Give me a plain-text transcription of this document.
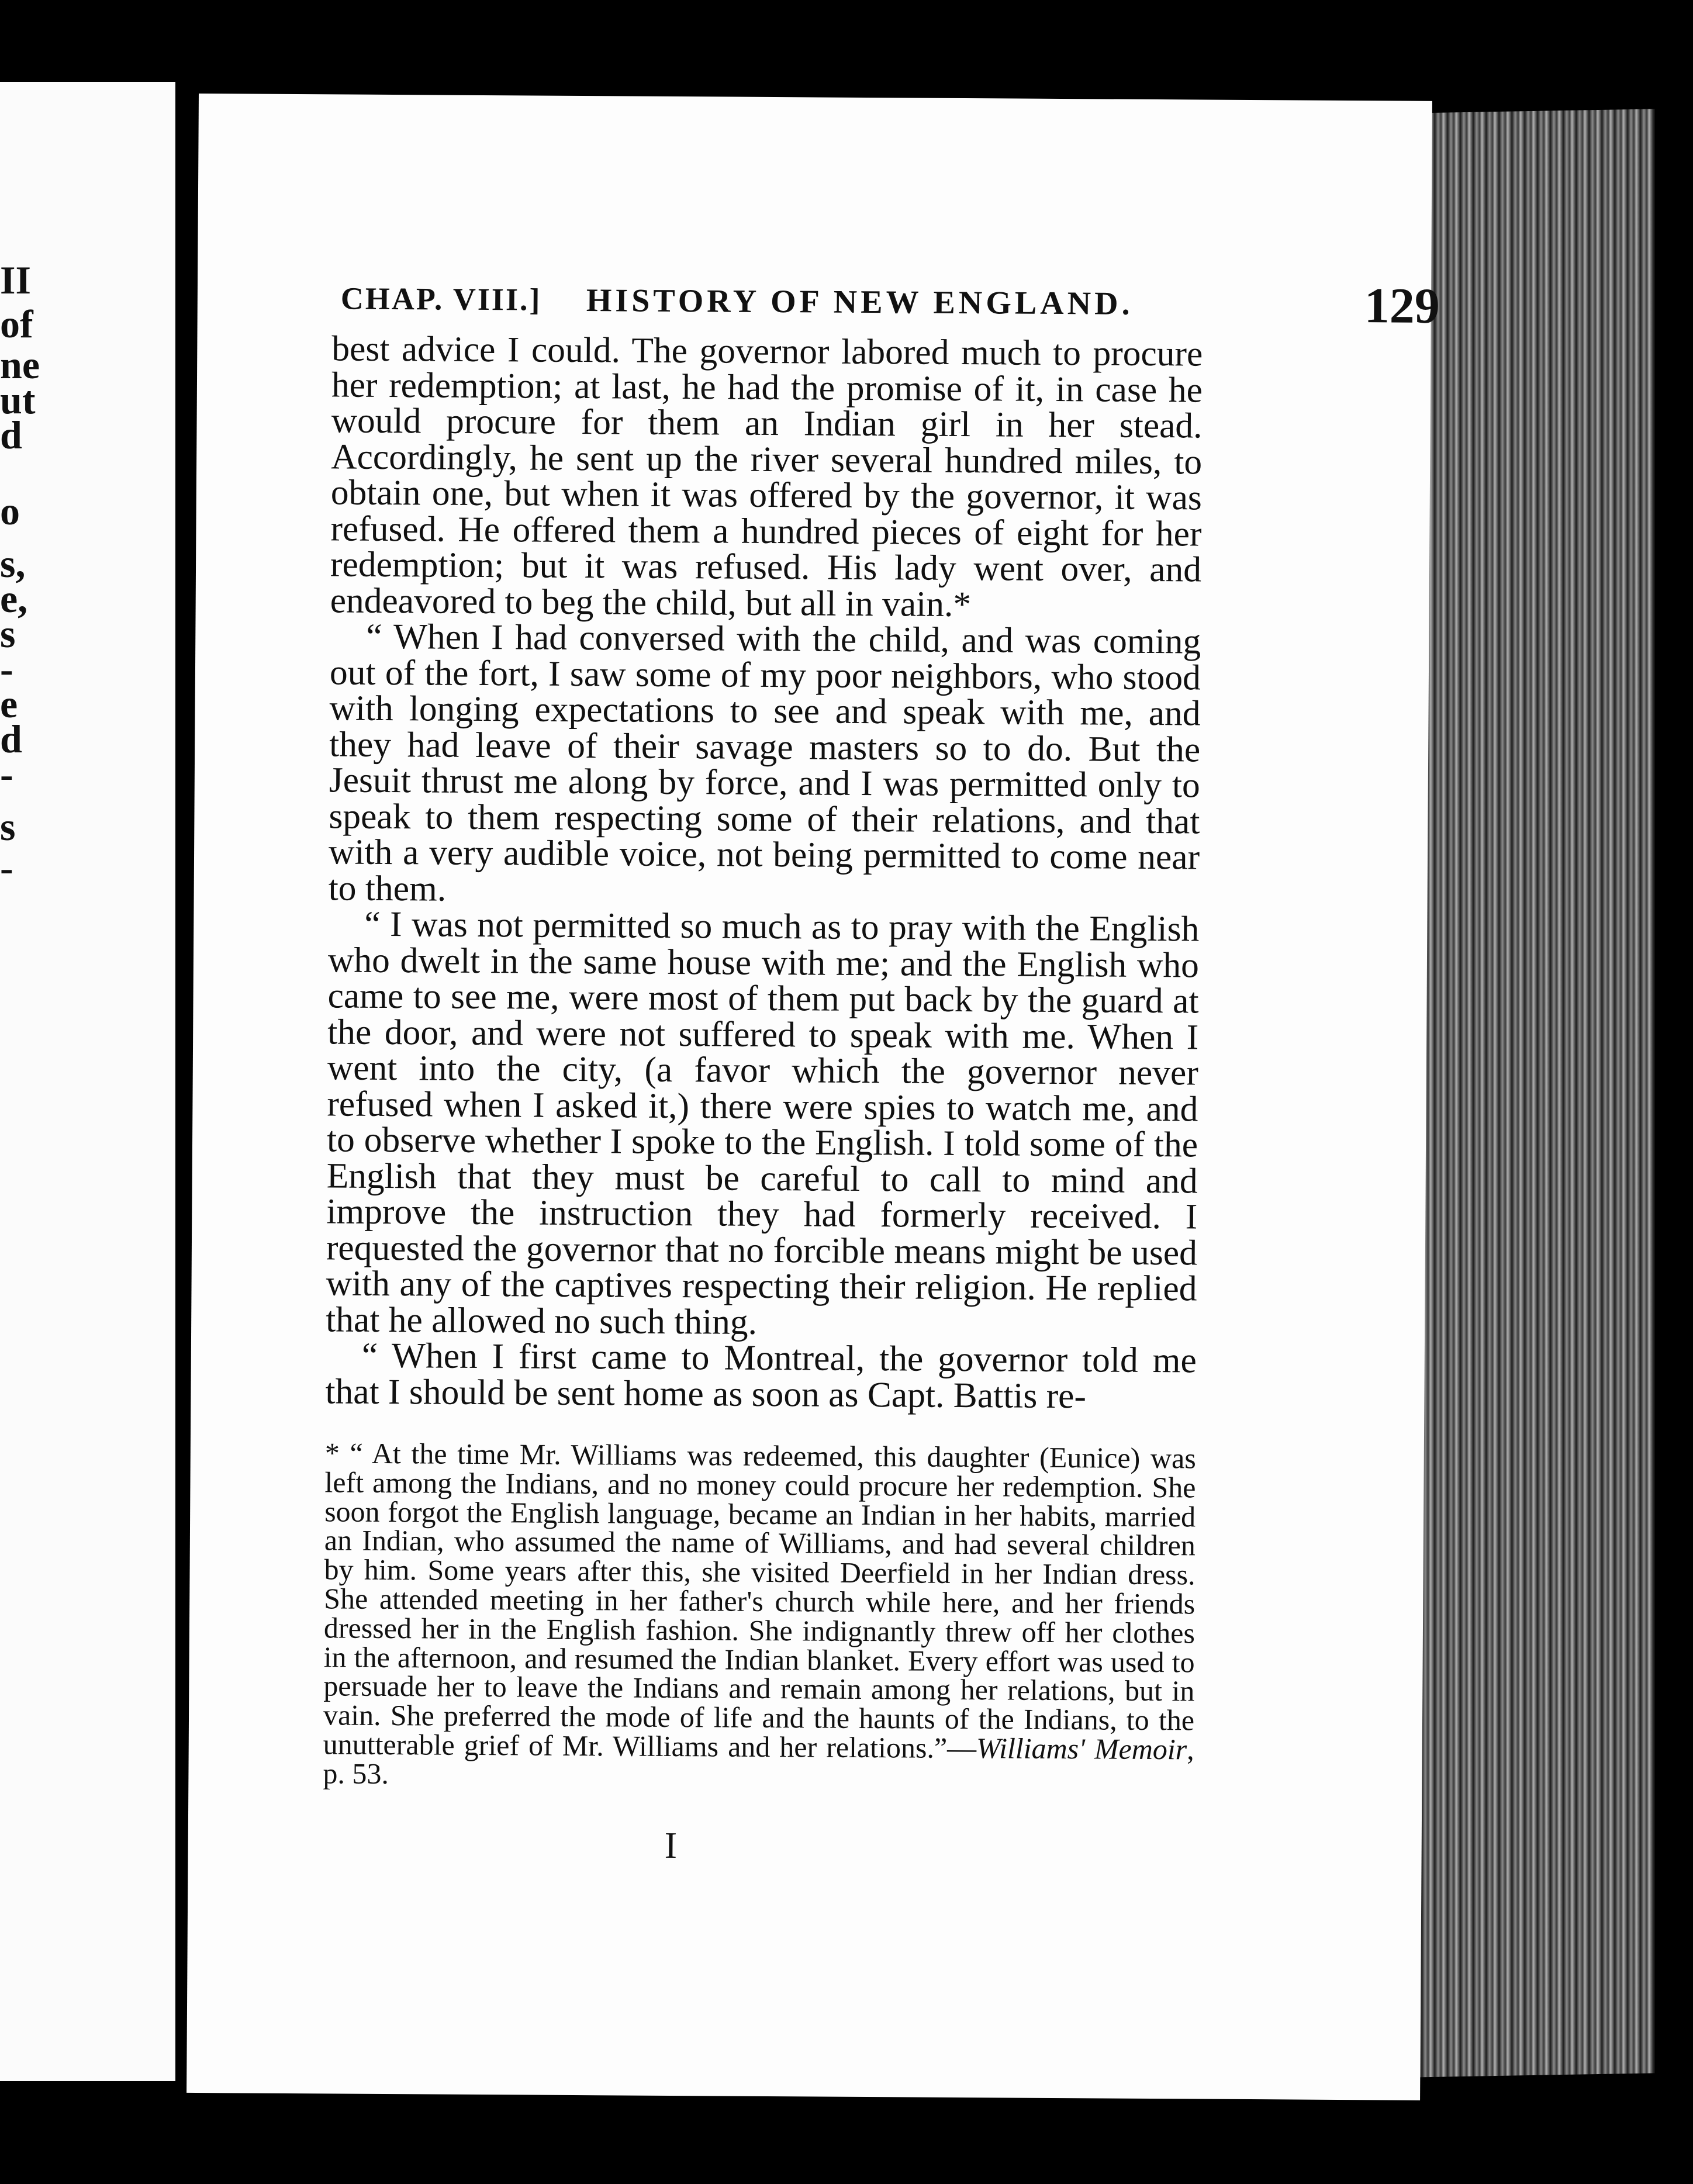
II
of
ne
ut
d
o
s,
e,
s
-
e
d
-
s
-
CHAP. VIII.] HISTORY OF NEW ENGLAND.	129

best advice I could. The governor labored much to procure her redemption; at last, he had the promise of it, in case he would procure for them an Indian girl in her stead. Accordingly, he sent up the river several hundred miles, to obtain one, but when it was offered by the governor, it was refused. He offered them a hundred pieces of eight for her redemption; but it was refused. His lady went over, and endeavored to beg the child, but all in vain.*

“ When I had conversed with the child, and was coming out of the fort, I saw some of my poor neighbors, who stood with longing expectations to see and speak with me, and they had leave of their savage masters so to do. But the Jesuit thrust me along by force, and I was permitted only to speak to them respecting some of their relations, and that with a very audible voice, not being permitted to come near to them.

“ I was not permitted so much as to pray with the English who dwelt in the same house with me; and the English who came to see me, were most of them put back by the guard at the door, and were not suffered to speak with me. When I went into the city, (a favor which the governor never refused when I asked it,) there were spies to watch me, and to observe whether I spoke to the English. I told some of the English that they must be careful to call to mind and improve the instruction they had formerly received. I requested the governor that no forcible means might be used with any of the captives respecting their religion. He replied that he allowed no such thing.

“ When I first came to Montreal, the governor told me that I should be sent home as soon as Capt. Battis re-

* “ At the time Mr. Williams was redeemed, this daughter (Eunice) was left among the Indians, and no money could procure her redemption. She soon forgot the English language, became an Indian in her habits, married an Indian, who assumed the name of Williams, and had several children by him. Some years after this, she visited Deerfield in her Indian dress. She attended meeting in her father's church while here, and her friends dressed her in the English fashion. She indignantly threw off her clothes in the afternoon, and resumed the Indian blanket. Every effort was used to persuade her to leave the Indians and remain among her relations, but in vain. She preferred the mode of life and the haunts of the Indians, to the unutterable grief of Mr. Williams and her relations.”—Williams' Memoir, p. 53.

I
